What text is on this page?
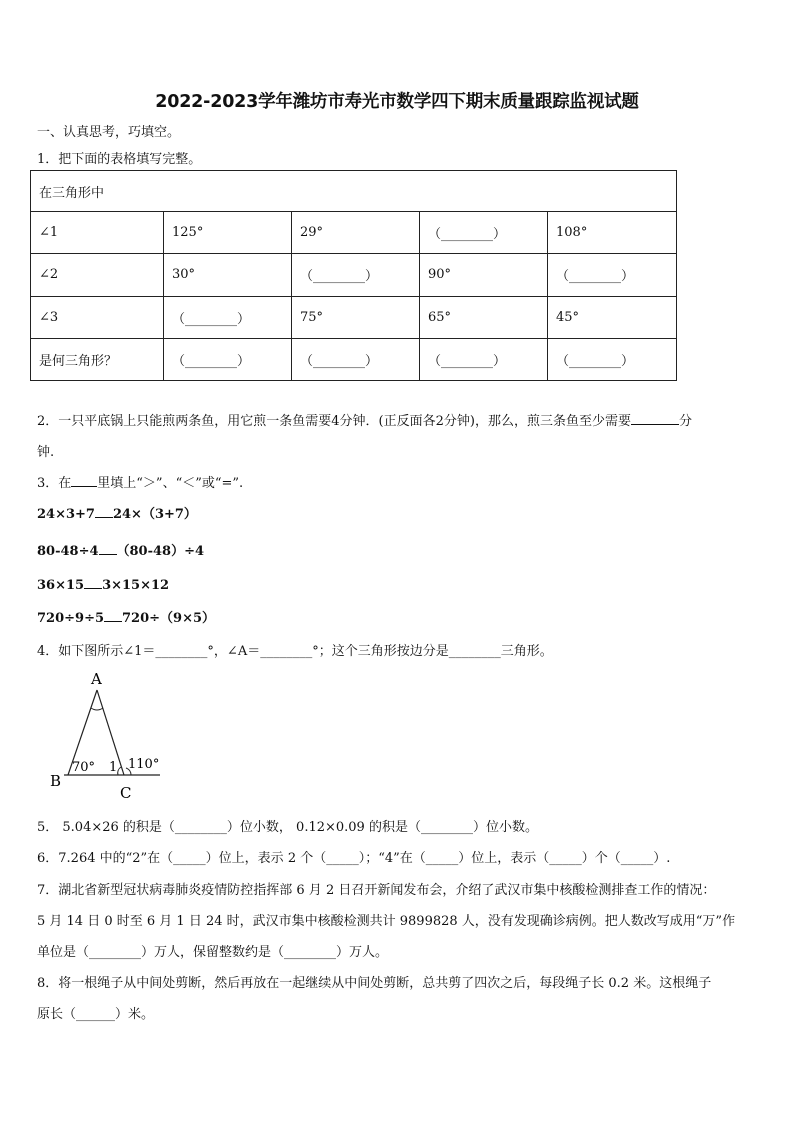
2022-2023学年潍坊市寿光市数学四下期末质量跟踪监视试题
一、认真思考，巧填空。
1．把下面的表格填写完整。
在三角形中				
∠1	125°	29°	（________）	108°
∠2	30°	（________）	90°	（________）
∠3	（________）	75°	65°	45°
是何三角形？	（________）	（________）	（________）	（________）
2．一只平底锅上只能煎两条鱼，用它煎一条鱼需要4分钟．(正反面各2分钟)，那么，煎三条鱼至少需要	分
钟.
3．在 里填上“＞”、“＜”或“=”.
24×3+7 24×（3+7）
80-48÷4 （80-48）÷4
36×15 3×15×12
720÷9÷5 720÷（9×5）
4．如下图所示∠1＝________°，∠A＝________°；这个三角形按边分是________三角形。
A
B
C
70° 1 110°
5． 5.04×26 的积是（________）位小数， 0.12×0.09 的积是（________）位小数。
6．7.264 中的“2”在（_____）位上，表示 2 个（_____）；“4”在（_____）位上，表示（_____）个（_____）.
7．湖北省新型冠状病毒肺炎疫情防控指挥部 6 月 2 日召开新闻发布会，介绍了武汉市集中核酸检测排查工作的情况：
5 月 14 日 0 时至 6 月 1 日 24 时，武汉市集中核酸检测共计 9899828 人，没有发现确诊病例。把人数改写成用“万”作
单位是（________）万人，保留整数约是（________）万人。
8．将一根绳子从中间处剪断，然后再放在一起继续从中间处剪断，总共剪了四次之后，每段绳子长 0.2 米。这根绳子
原长（______）米。
